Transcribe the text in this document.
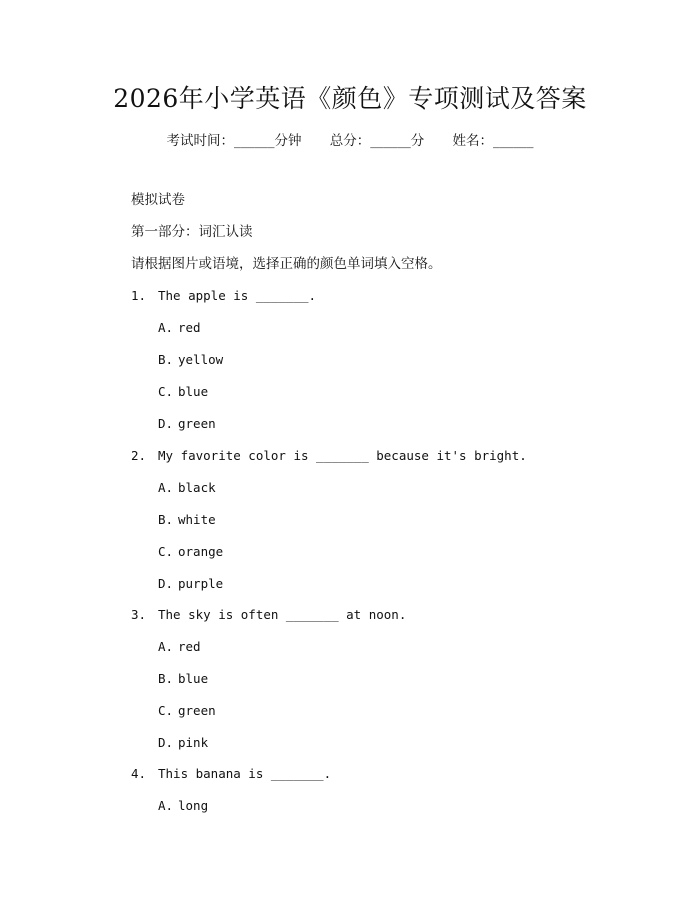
2026年小学英语《颜色》专项测试及答案
考试时间：______分钟 总分：______分 姓名：______
模拟试卷
第一部分：词汇认读
请根据图片或语境，选择正确的颜色单词填入空格。
1. The apple is _______.
A. red
B. yellow
C. blue
D. green
2. My favorite color is _______ because it's bright.
A. black
B. white
C. orange
D. purple
3. The sky is often _______ at noon.
A. red
B. blue
C. green
D. pink
4. This banana is _______.
A. long
